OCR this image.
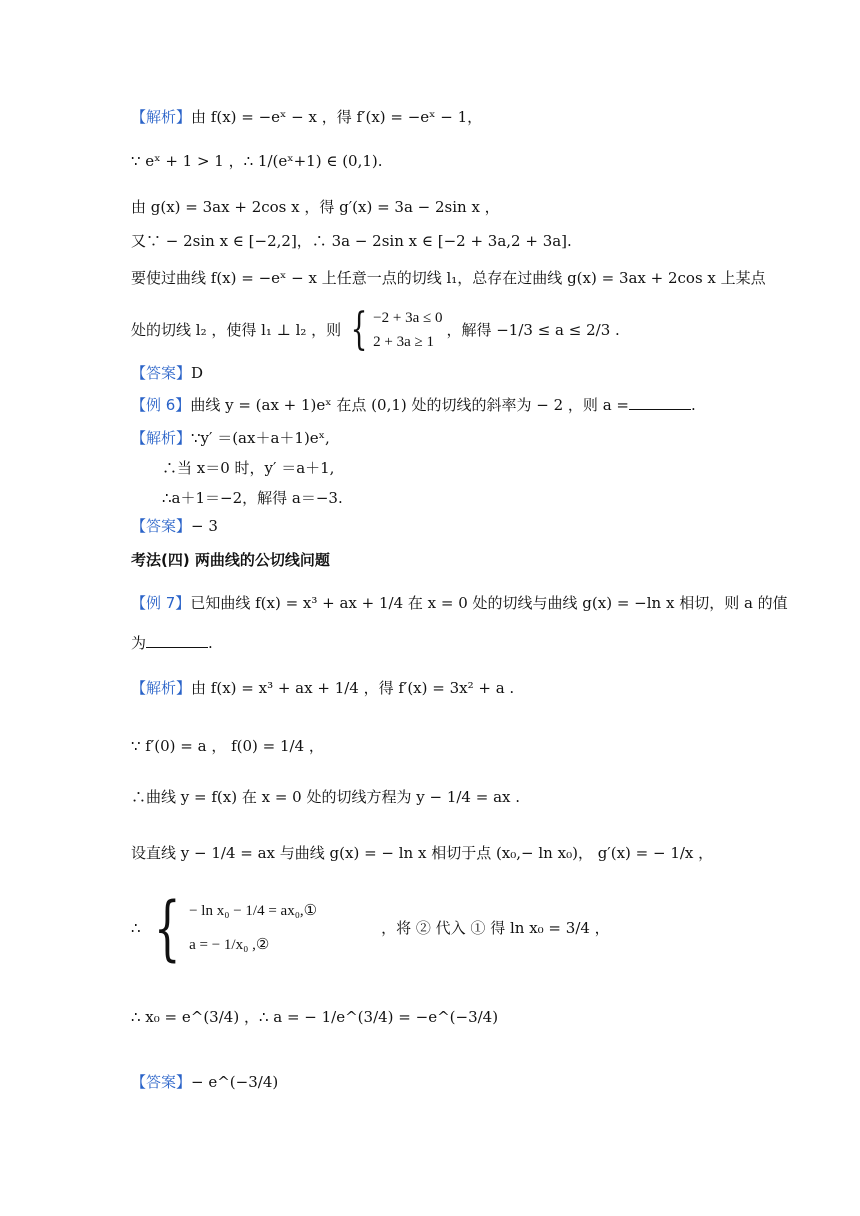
【解析】由 f(x) = −eˣ − x ，得 f′(x) = −eˣ − 1，
∵ eˣ + 1 > 1 ，∴ 1/(eˣ+1) ∈ (0,1).
由 g(x) = 3ax + 2cos x ，得 g′(x) = 3a − 2sin x ，
又∵ − 2sin x ∈ [−2,2]，∴ 3a − 2sin x ∈ [−2 + 3a,2 + 3a].
要使过曲线 f(x) = −eˣ − x 上任意一点的切线 l₁，总存在过曲线 g(x) = 3ax + 2cos x 上某点
处的切线 l₂ ，使得 l₁ ⊥ l₂ ，则 { −2 + 3a ≤ 0
2 + 3a ≥ 1
，解得 −1/3 ≤ a ≤ 2/3 .
【答案】D
【例 6】曲线 y = (ax + 1)eˣ 在点 (0,1) 处的切线的斜率为 − 2 ，则 a =	.
【解析】∵y′ ＝(ax＋a＋1)eˣ,
∴当 x＝0 时，y′ ＝a＋1,
∴a＋1＝−2，解得 a＝−3.
【答案】− 3
考法(四) 两曲线的公切线问题
【例 7】已知曲线 f(x) = x³ + ax + 1/4 在 x = 0 处的切线与曲线 g(x) = −ln x 相切，则 a 的值
为	.
【解析】由 f(x) = x³ + ax + 1/4 ，得 f′(x) = 3x² + a .
∵ f′(0) = a ， f(0) = 1/4 ，
∴曲线 y = f(x) 在 x = 0 处的切线方程为 y − 1/4 = ax .
设直线 y − 1/4 = ax 与曲线 g(x) = − ln x 相切于点 (x₀,− ln x₀)， g′(x) = − 1/x ，
∴ { − ln x₀ − 1/4 = ax₀,①
a = − 1/x₀ ,②
，将 ② 代入 ① 得 ln x₀ = 3/4 ，
∴ x₀ = e^(3/4) ，∴ a = − 1/e^(3/4) = −e^(−3/4)
【答案】− e^(−3/4)
